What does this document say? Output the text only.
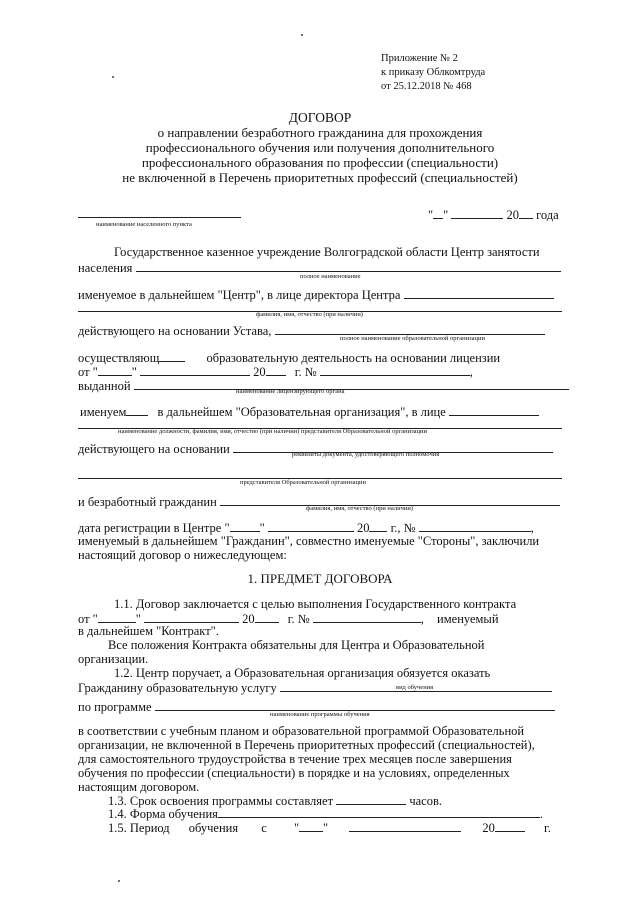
Приложение № 2
к приказу Облкомтруда
от 25.12.2018 № 468
ДОГОВОР
о направлении безработного гражданина для прохождения
профессионального обучения или получения дополнительного
профессионального образования по профессии (специальности)
не включенной в Перечень приоритетных профессий (специальностей)
наименование населенного пункта
" "	20 года
Государственное казенное учреждение Волгоградской области Центр занятости
населения
полное наименование
именуемое в дальнейшем "Центр", в лице директора Центра
фамилия, имя, отчество (при наличии)
действующего на основании Устава,
полное наименование образовательной организации
осуществляющ	образовательную деятельность на основании лицензии
от "	"	20 г. №	,
выданной	наименование лицензирующего органа
именуем в дальнейшем "Образовательная организация", в лице
наименование должности, фамилия, имя, отчество (при наличии) представителя Образовательной организации
действующего на основании	реквизиты документа, удостоверяющего полномочия
представителя Образовательной организации
и безработный гражданин	фамилия, имя, отчество (при наличии)
дата регистрации в Центре " "	20 г., №	,
именуемый в дальнейшем "Гражданин", совместно именуемые "Стороны", заключили
настоящий договор о нижеследующем:
1. ПРЕДМЕТ ДОГОВОРА
1.1. Договор заключается с целью выполнения Государственного контракта
от "	"	20	г. №	, именуемый
в дальнейшем "Контракт".
Все положения Контракта обязательны для Центра и Образовательной
организации.
1.2. Центр поручает, а Образовательная организация обязуется оказать
Гражданину образовательную услугу	вид обучения
по программе
наименование программы обучения
в соответствии с учебным планом и образовательной программой Образовательной
организации, не включенной в Перечень приоритетных профессий (специальностей),
для самостоятельного трудоустройства в течение трех месяцев после завершения
обучения по профессии (специальности) в порядке и на условиях, определенных
настоящим договором.
1.3. Срок освоения программы составляет	часов.
1.4. Форма обучения	.
1.5. Период обучения с " "	20	г.
